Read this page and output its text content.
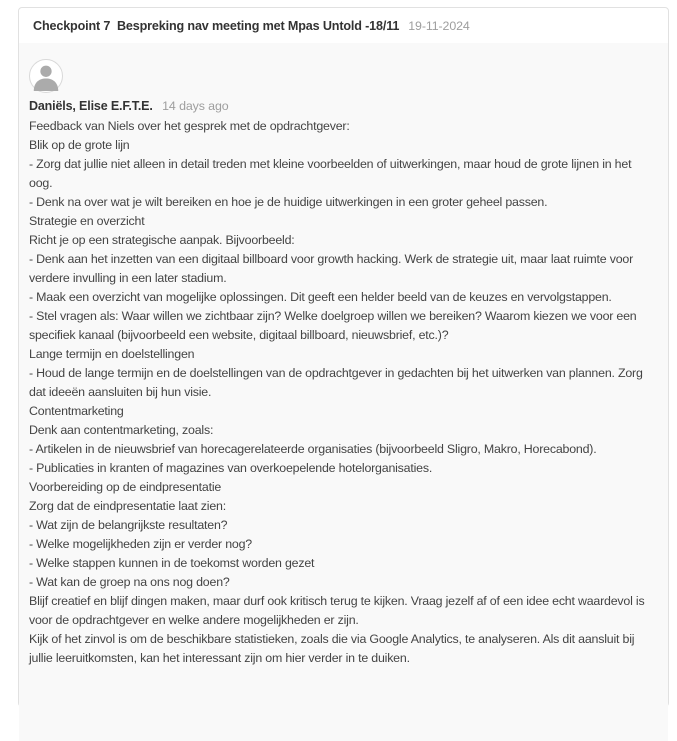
Checkpoint 7  Bespreking nav meeting met Mpas Untold -18/11 19-11-2024
Daniëls, Elise E.F.T.E. 14 days ago
Feedback van Niels over het gesprek met de opdrachtgever:
Blik op de grote lijn
- Zorg dat jullie niet alleen in detail treden met kleine voorbeelden of uitwerkingen, maar houd de grote lijnen in het oog.
- Denk na over wat je wilt bereiken en hoe je de huidige uitwerkingen in een groter geheel passen.
Strategie en overzicht
Richt je op een strategische aanpak. Bijvoorbeeld:
- Denk aan het inzetten van een digitaal billboard voor growth hacking. Werk de strategie uit, maar laat ruimte voor verdere invulling in een later stadium.
- Maak een overzicht van mogelijke oplossingen. Dit geeft een helder beeld van de keuzes en vervolgstappen.
- Stel vragen als: Waar willen we zichtbaar zijn? Welke doelgroep willen we bereiken? Waarom kiezen we voor een specifiek kanaal (bijvoorbeeld een website, digitaal billboard, nieuwsbrief, etc.)?
Lange termijn en doelstellingen
- Houd de lange termijn en de doelstellingen van de opdrachtgever in gedachten bij het uitwerken van plannen. Zorg dat ideeën aansluiten bij hun visie.
Contentmarketing
Denk aan contentmarketing, zoals:
- Artikelen in de nieuwsbrief van horecagerelateerde organisaties (bijvoorbeeld Sligro, Makro, Horecabond).
- Publicaties in kranten of magazines van overkoepelende hotelorganisaties.
Voorbereiding op de eindpresentatie
Zorg dat de eindpresentatie laat zien:
- Wat zijn de belangrijkste resultaten?
- Welke mogelijkheden zijn er verder nog?
- Welke stappen kunnen in de toekomst worden gezet
- Wat kan de groep na ons nog doen?
Blijf creatief en blijf dingen maken, maar durf ook kritisch terug te kijken. Vraag jezelf af of een idee echt waardevol is voor de opdrachtgever en welke andere mogelijkheden er zijn.
Kijk of het zinvol is om de beschikbare statistieken, zoals die via Google Analytics, te analyseren. Als dit aansluit bij jullie leeruitkomsten, kan het interessant zijn om hier verder in te duiken.
